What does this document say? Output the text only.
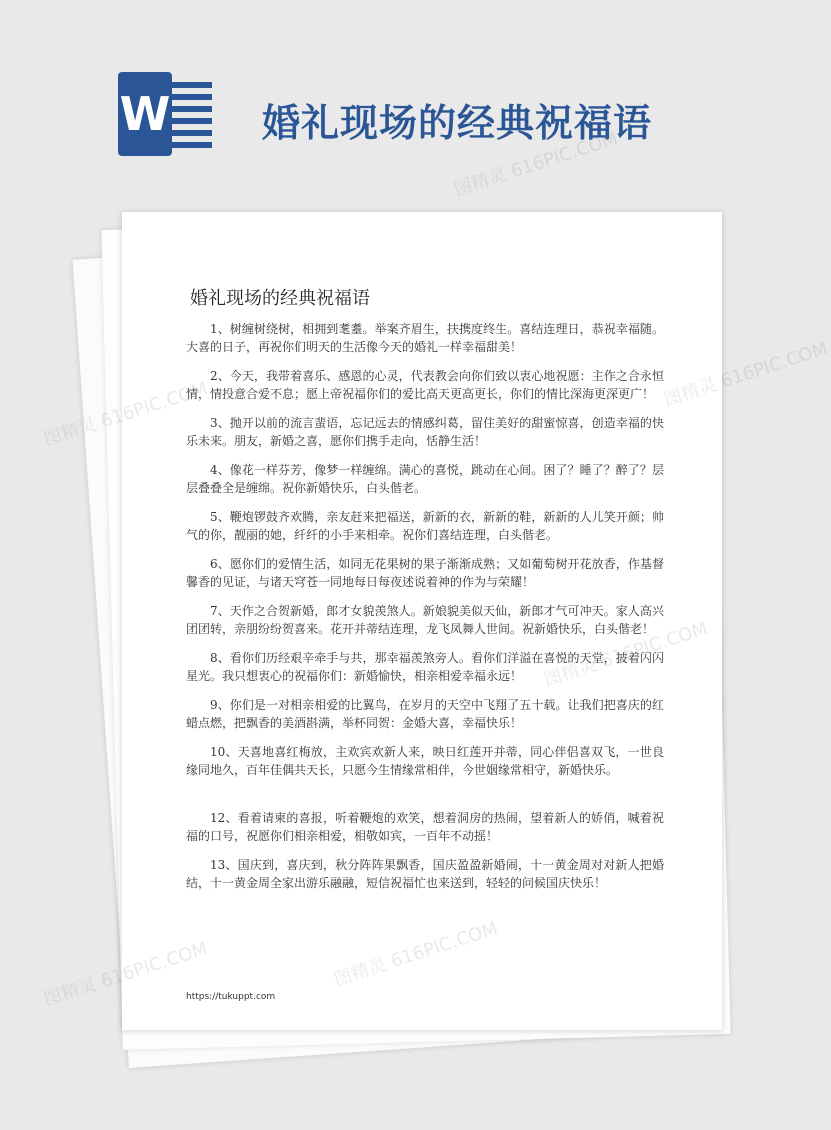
W 婚礼现场的经典祝福语
婚礼现场的经典祝福语

1、树缠树绕树，相拥到耄耋。举案齐眉生，扶携度终生。喜结连理日，恭祝幸福随。大喜的日子，再祝你们明天的生活像今天的婚礼一样幸福甜美！

2、今天，我带着喜乐、感恩的心灵，代表教会向你们致以衷心地祝愿：主作之合永恒情，情投意合爱不息；愿上帝祝福你们的爱比高天更高更长，你们的情比深海更深更广！

3、抛开以前的流言蜚语，忘记远去的情感纠葛，留住美好的甜蜜惊喜，创造幸福的快乐未来。朋友，新婚之喜，愿你们携手走向，恬静生活！

4、像花一样芬芳，像梦一样缠绵。满心的喜悦，跳动在心间。困了？睡了？醉了？层层叠叠全是缠绵。祝你新婚快乐，白头偕老。

5、鞭炮锣鼓齐欢腾，亲友赶来把福送，新新的衣，新新的鞋，新新的人儿笑开颜；帅气的你，靓丽的她，纤纤的小手来相牵。祝你们喜结连理，白头偕老。

6、愿你们的爱情生活，如同无花果树的果子渐渐成熟；又如葡萄树开花放香，作基督馨香的见证，与诸天穹苍一同地每日每夜述说着神的作为与荣耀！

7、天作之合贺新婚，郎才女貌羡煞人。新娘貌美似天仙，新郎才气可冲天。家人高兴团团转，亲朋纷纷贺喜来。花开并蒂结连理，龙飞凤舞人世间。祝新婚快乐，白头偕老！

8、看你们历经艰辛牵手与共，那幸福羡煞旁人。看你们洋溢在喜悦的天堂，披着闪闪星光。我只想衷心的祝福你们：新婚愉快，相亲相爱幸福永远！

9、你们是一对相亲相爱的比翼鸟，在岁月的天空中飞翔了五十载。让我们把喜庆的红蜡点燃，把飘香的美酒斟满，举杯同贺：金婚大喜，幸福快乐！

10、天喜地喜红梅放，主欢宾欢新人来，映日红莲开并蒂，同心伴侣喜双飞，一世良缘同地久，百年佳偶共天长，只愿今生情缘常相伴，今世姻缘常相守，新婚快乐。

12、看着请柬的喜报，听着鞭炮的欢笑，想着洞房的热闹，望着新人的娇俏，喊着祝福的口号，祝愿你们相亲相爱，相敬如宾，一百年不动摇！

13、国庆到，喜庆到，秋分阵阵果飘香，国庆盈盈新婚闹，十一黄金周对对新人把婚结，十一黄金周全家出游乐融融，短信祝福忙也来送到，轻轻的问候国庆快乐！

https://tukuppt.com
图精灵 616PIC.COM
图精灵
图精灵 616PIC.COM
图精灵
